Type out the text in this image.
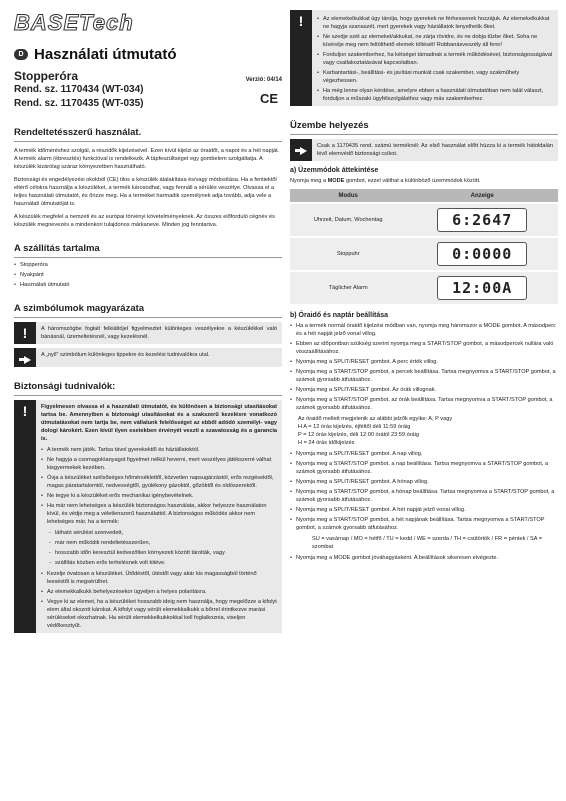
BASETech
D Használati útmutató
Stopperóra	Verzió: 04/14
CE
Rend. sz. 1170434 (WT-034)
Rend. sz. 1170435 (WT-035)
Rendeltetésszerű használat.

A termék időméréshez szolgál, a részidők kijelzésével. Ezen kívül kijelzi az óraidőt, a napot és a hét napját. A termék alarm (ébresztés) funkcióval is rendelkezik. A tápfeszültséget egy gombelem szolgáltatja. A készülék kizárólag száraz környezetben használható.

Biztonsági és engedélyezési okokból (CE) tilos a készülék átalakítása és/vagy módosítása. Ha a fentiektől eltérő célokra használja a készüléket, a termék károsodhat, vagy fennáll a sérülés veszélye. Olvassa el a teljes használati útmutatót, és őrizze meg. Ha a terméket harmadik személynek adja tovább, adja vele a használati útmutatóját is.

A készülék megfelel a nemzeti és az európai törvényi követelményeknek. Az összes előforduló cégnév és készülék megnevezés a mindenkori tulajdonos márkaneve. Minden jog fenntartva.

A szállítás tartalma
• Stopperóra
• Nyakpánt
• Használati útmutató
A szimbólumok magyarázata
!	A háromszögbe foglalt felkiáltójel figyelmeztet különleges veszélyekre a készülékkel való bánásnál, üzemeltetésnél, vagy kezelésnél.

A „nyíl” szimbólum különleges tippekre és kezelési tudnivalókra utal.

Biztonsági tudnivalók:
!	Figyelmesen olvassa el a használati útmutatót, és különösen a biztonsági utasításokat tartsa be. Amennyiben a biztonsági utasításokat és a szakszerű kezelésre vonatkozó útmutatásokat nem tartja be, nem vállalunk felelősséget az ebből adódó személyi- vagy dologi károkért. Ezen kívül ilyen esetekben érvényét veszti a szavatosság és a garancia is.

• A termék nem játék. Tartsa távol gyerekektől és háziállatoktól.
• Ne hagyja a csomagolóanyagot figyelmet nélkül heverni, mert veszélyes játékszerré válhat kisgyermekek kezében.
• Óvja a készüléket szélsőséges hőmérséklettől, közvetlen napsugárzástól, erős rezgésektől, magas páratartalomtól, nedvességtől, gyúlékony gázoktól, gőzöktől és oldószerektől.
• Ne tegye ki a készüléket erős mechanikai igénybevételnek.
• Ha már nem lehetséges a készülék biztonságos használata, akkor helyezze használaton kívül, és védje meg a véletlenszerű használattól. A biztonságos működés akkor nem lehetséges már, ha a termék:
- látható sérülést szenvedett,
- már nem működik rendeltetésszerűen,
- hosszabb időn keresztül kedvezőtlen környezeti között tárolták, vagy
- szállítás közben erős terhelésnek volt kitéve.
• Kezelje óvatosan a készüléket. Ütődéstől, ütéstől vagy akár kis magasságból történő leeséstől is megsérülhet.
• Az elemekkalkukk behelyezésekor ügyeljen a helyes polaritásra.
• Vegye ki az elemet, ha a készüléket hosszabb ideig nem használja, hogy megelőzze a kifolyt elem által okozott károkat. A kifolyt vagy sérült elemekkalkukk a bőrrel érintkezve marási sérüléseket okozhatnak. Ha sérült elemekkelkukkokkal kell foglalkoznia, viseljen védőkesztyűt.
!	• Az elemekelkukkat úgy tárolja, hogy gyerekek ne férhessenek hozzájuk. Az elemekelkukkat ne hagyja szanaszét, mert gyerekek vagy háziállatok lenyelhetik őket.
• Ne szedje szét az elemeket/akkukat, ne zárja rövidre, és ne dobja tűzbe őket. Soha ne kísérelje meg nem feltölthető elemek töltését! Robbanásveszély áll fenn!
• Forduljon szakemberhez, ha kétségei támadnak a termék működésével, biztonságosságával vagy csatlakoztatásával kapcsolatban.
• Karbantartási-, beállítási- és javítási munkát csak szakember, vagy szakműhely végezhessen.
• Ha még lenne olyan kérdése, amelyre ebben a használati útmutatóban nem talál választ, forduljon a műszaki ügyfélszolgálathoz vagy más szakemberhez.
Üzembe helyezés

Csak a 1170435 rend. számú terméknél: Az első használat előtt húzza ki a termék hátoldalán lévő elemvédő biztonsági csíkot.

a) Üzemmódok áttekintése

Nyomja meg a MODE gombot, ezzel válthat a különböző üzemmódok között.

Modus	Anzeige
Uhrzeit, Datum, Wochentag	6:2647
Stoppuhr	0:0000
Täglicher Alarm	12:00A
b) Óraidő és naptár beállítása
• Ha a termék normál óraidő kijelzési módban van, nyomja meg háromszor a MODE gombot. A másodperc és a hét napját jelző vonal villog.
• Ebben az időpontban szükség szerint nyomja meg a START/STOP gombot, a másodpercek nullára való visszaállításához.
• Nyomja meg a SPLIT/RESET gombot. A perc érték villog.
• Nyomja meg a START/STOP gombot, a percek beállítása. Tartsa megnyomva a START/STOP gombot, a számok gyorsabb átfutásához.
• Nyomja meg a SPLIT/RESET gombot. Az órák villognak.
• Nyomja meg a START/STOP gombot, az órák beállítása. Tartsa megnyomva a START/STOP gombot, a számok gyorsabb átfutásához.

Az óraidő mellett megjelenik az alábbi jelzők egyike: A, P vagy

H A = 12 órás kijelzés, éjféltől déli 11:59 óráig

P = 12 órás kijelzés, déli 12:00 órától 23:59 óráig

H = 24 órás időkijelzés

• Nyomja meg a SPLIT/RESET gombot. A nap villog.
• Nyomja meg a START/STOP gombot, a nap beállítása. Tartsa megnyomva a START/STOP gombot, a számok gyorsabb átfutásához.
• Nyomja meg a SPLIT/RESET gombot. A hónap villog.
• Nyomja meg a START/STOP gombot, a hónap beállítása. Tartsa megnyomva a START/STOP gombot, a számok gyorsabb átfutásához.
• Nyomja meg a SPLIT/RESET gombot. A hét napját jelző vonal villog.
• Nyomja meg a START/STOP gombot, a hét napjának beállítása. Tartsa megnyomva a START/STOP gombot, a számok gyorsabb átfutásához.

SU = vasárnap / MO = hétfő / TU = kedd / WE = szerda / TH = csütörtök / FR = péntek / SA = szombat

• Nyomja meg a MODE gombot jóváhagyásként. A beállítások sikeresen elvégezte.
